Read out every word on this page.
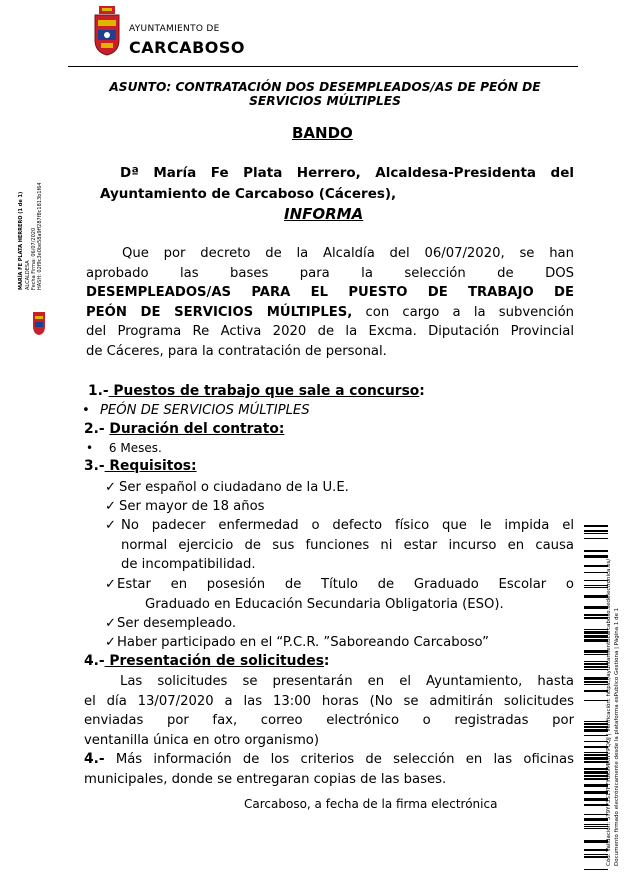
AYUNTAMIENTO DE
CARCABOSO
MARÍA FE PLATA HERRERO (1 de 1) ALCALDESA Fecha Firma: 06/07/2020 HASH: 02f9c3e0be58a9ff287f8c1813b1f64
Cód. Validación: 5T9YP3S17FYY6K9MRTFFPQQJ | Verificación: https://ayuntamientocarcaboso.sedelectronica.es/ Documento firmado electrónicamente desde la plataforma esPublico Gestiona | Página 1 de 1
ASUNTO: CONTRATACIÓN DOS DESEMPLEADOS/AS DE PEÓN DE SERVICIOS MÚLTIPLES
BANDO
Dª María Fe Plata Herrero, Alcaldesa-Presidenta del
Ayuntamiento de Carcaboso (Cáceres),
INFORMA
Que por decreto de la Alcaldía del 06/07/2020, se han
aprobado las bases para la selección de DOS
DESEMPLEADOS/AS PARA EL PUESTO DE TRABAJO DE
PEÓN DE SERVICIOS MÚLTIPLES, con cargo a la subvención
del Programa Re Activa 2020 de la Excma. Diputación Provincial
de Cáceres, para la contratación de personal.
1.- Puestos de trabajo que sale a concurso:
• PEÓN DE SERVICIOS MÚLTIPLES
2.- Duración del contrato:
• 6 Meses.
3.- Requisitos:
✓ Ser español o ciudadano de la U.E.
✓ Ser mayor de 18 años
✓ No padecer enfermedad o defecto físico que le impida el
normal ejercicio de sus funciones ni estar incurso en causa
de incompatibilidad.
✓Estar en posesión de Título de Graduado Escolar o
Graduado en Educación Secundaria Obligatoria (ESO).
✓Ser desempleado.
✓Haber participado en el “P.C.R. ”Saboreando Carcaboso”
4.- Presentación de solicitudes:
Las solicitudes se presentarán en el Ayuntamiento, hasta
el día 13/07/2020 a las 13:00 horas (No se admitirán solicitudes
enviadas por fax, correo electrónico o registradas por
ventanilla única en otro organismo)
4.- Más información de los criterios de selección en las oficinas
municipales, donde se entregaran copias de las bases.
Carcaboso, a fecha de la firma electrónica
